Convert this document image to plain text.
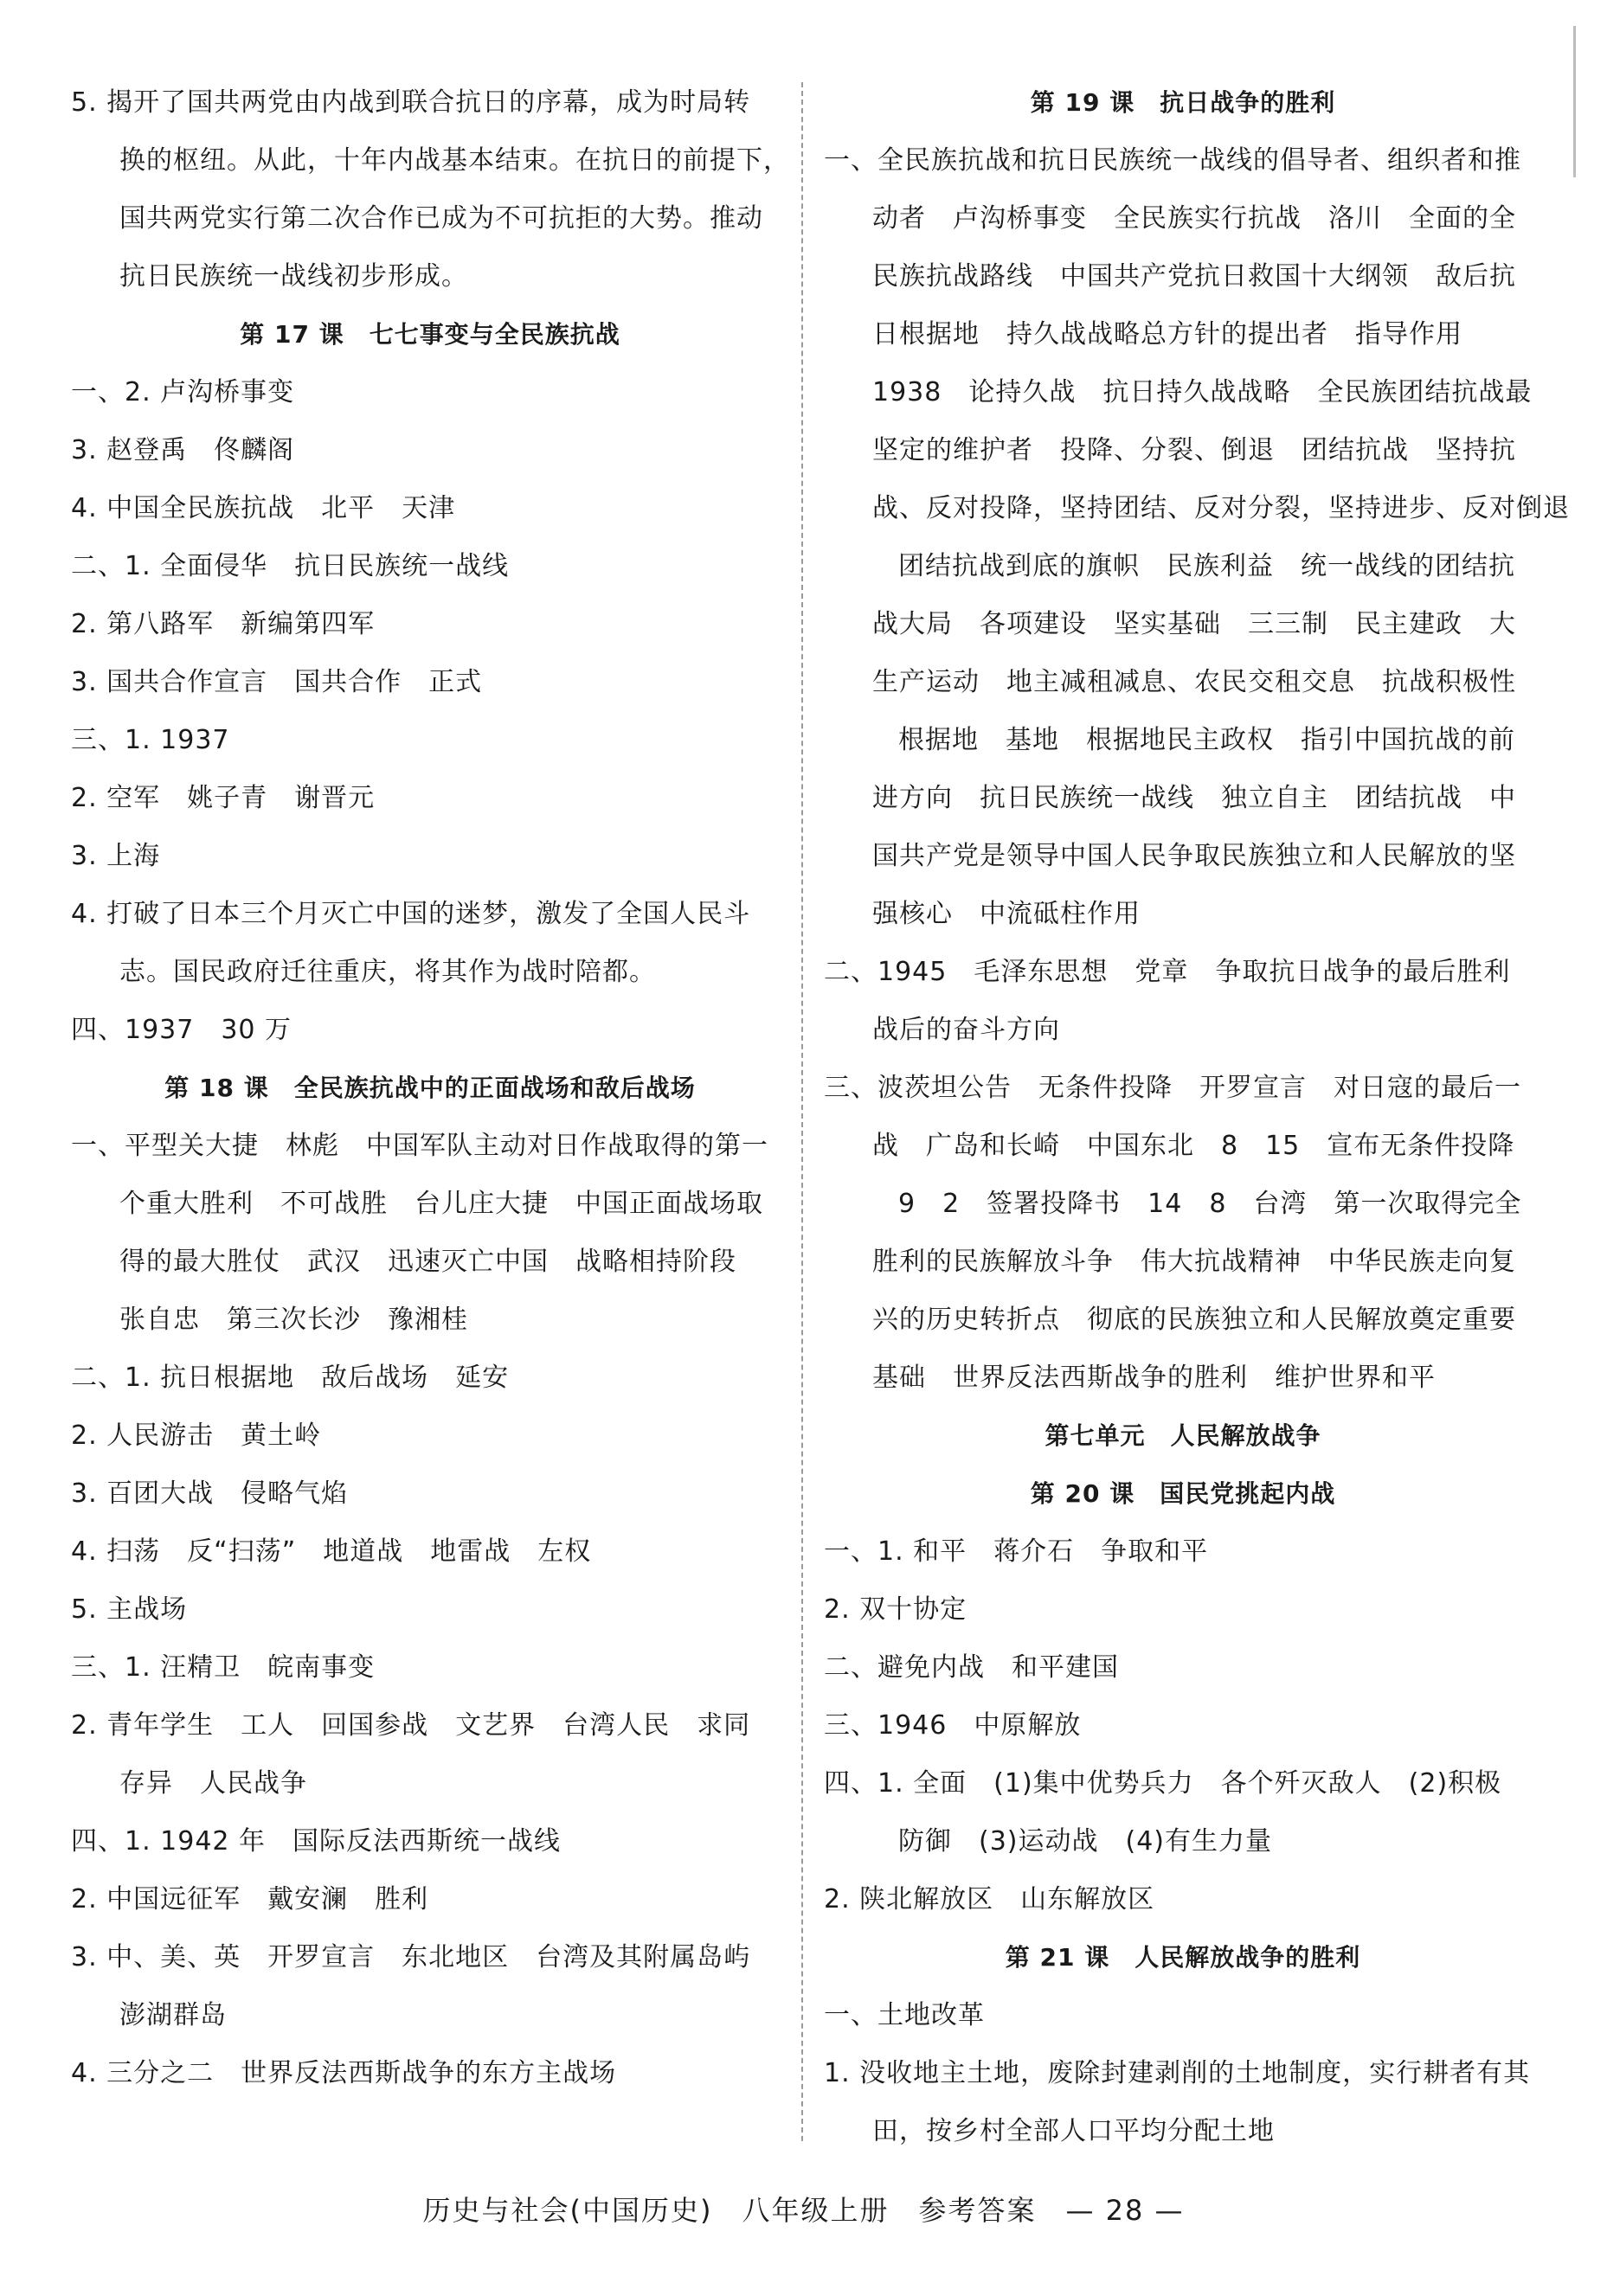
5. 揭开了国共两党由内战到联合抗日的序幕，成为时局转
换的枢纽。从此，十年内战基本结束。在抗日的前提下，
国共两党实行第二次合作已成为不可抗拒的大势。推动
抗日民族统一战线初步形成。
第 17 课　七七事变与全民族抗战
一、2. 卢沟桥事变
3. 赵登禹　佟麟阁
4. 中国全民族抗战　北平　天津
二、1. 全面侵华　抗日民族统一战线
2. 第八路军　新编第四军
3. 国共合作宣言　国共合作　正式
三、1. 1937
2. 空军　姚子青　谢晋元
3. 上海
4. 打破了日本三个月灭亡中国的迷梦，激发了全国人民斗
志。国民政府迁往重庆，将其作为战时陪都。
四、1937　30 万
第 18 课　全民族抗战中的正面战场和敌后战场
一、平型关大捷　林彪　中国军队主动对日作战取得的第一
个重大胜利　不可战胜　台儿庄大捷　中国正面战场取
得的最大胜仗　武汉　迅速灭亡中国　战略相持阶段
张自忠　第三次长沙　豫湘桂
二、1. 抗日根据地　敌后战场　延安
2. 人民游击　黄土岭
3. 百团大战　侵略气焰
4. 扫荡　反“扫荡”　地道战　地雷战　左权
5. 主战场
三、1. 汪精卫　皖南事变
2. 青年学生　工人　回国参战　文艺界　台湾人民　求同
存异　人民战争
四、1. 1942 年　国际反法西斯统一战线
2. 中国远征军　戴安澜　胜利
3. 中、美、英　开罗宣言　东北地区　台湾及其附属岛屿
澎湖群岛
4. 三分之二　世界反法西斯战争的东方主战场
第 19 课　抗日战争的胜利
一、全民族抗战和抗日民族统一战线的倡导者、组织者和推
动者　卢沟桥事变　全民族实行抗战　洛川　全面的全
民族抗战路线　中国共产党抗日救国十大纲领　敌后抗
日根据地　持久战战略总方针的提出者　指导作用
1938　论持久战　抗日持久战战略　全民族团结抗战最
坚定的维护者　投降、分裂、倒退　团结抗战　坚持抗
战、反对投降，坚持团结、反对分裂，坚持进步、反对倒退
团结抗战到底的旗帜　民族利益　统一战线的团结抗
战大局　各项建设　坚实基础　三三制　民主建政　大
生产运动　地主减租减息、农民交租交息　抗战积极性
根据地　基地　根据地民主政权　指引中国抗战的前
进方向　抗日民族统一战线　独立自主　团结抗战　中
国共产党是领导中国人民争取民族独立和人民解放的坚
强核心　中流砥柱作用
二、1945　毛泽东思想　党章　争取抗日战争的最后胜利
战后的奋斗方向
三、波茨坦公告　无条件投降　开罗宣言　对日寇的最后一
战　广岛和长崎　中国东北　8　15　宣布无条件投降
9　2　签署投降书　14　8　台湾　第一次取得完全
胜利的民族解放斗争　伟大抗战精神　中华民族走向复
兴的历史转折点　彻底的民族独立和人民解放奠定重要
基础　世界反法西斯战争的胜利　维护世界和平
第七单元　人民解放战争
第 20 课　国民党挑起内战
一、1. 和平　蒋介石　争取和平
2. 双十协定
二、避免内战　和平建国
三、1946　中原解放
四、1. 全面　(1)集中优势兵力　各个歼灭敌人　(2)积极
防御　(3)运动战　(4)有生力量
2. 陕北解放区　山东解放区
第 21 课　人民解放战争的胜利
一、土地改革
1. 没收地主土地，废除封建剥削的土地制度，实行耕者有其
田，按乡村全部人口平均分配土地
历史与社会(中国历史)　八年级上册　参考答案　— 28 —
